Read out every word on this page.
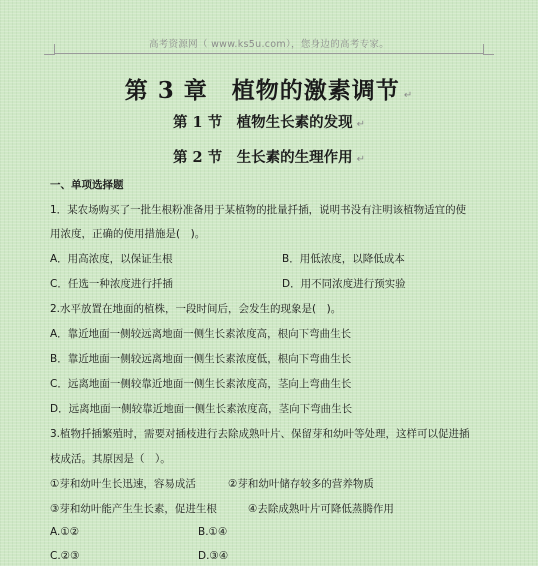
高考资源网（ www.ks5u.com），您身边的高考专家。
第 3 章　植物的激素调节 ↵
第 1 节　植物生长素的发现 ↵
第 2 节　生长素的生理作用 ↵
一、单项选择题
1．某农场购买了一批生根粉准备用于某植物的批量扦插，说明书没有注明该植物适宜的使
用浓度，正确的使用措施是(　)。
A．用高浓度，以保证生根	B．用低浓度，以降低成本
C．任选一种浓度进行扦插	D．用不同浓度进行预实验
2.水平放置在地面的植株，一段时间后，会发生的现象是(　)。
A．靠近地面一侧较远离地面一侧生长素浓度高，根向下弯曲生长
B．靠近地面一侧较远离地面一侧生长素浓度低，根向下弯曲生长
C．远离地面一侧较靠近地面一侧生长素浓度高，茎向上弯曲生长
D．远离地面一侧较靠近地面一侧生长素浓度高，茎向下弯曲生长
3.植物扦插繁殖时，需要对插枝进行去除成熟叶片、保留芽和幼叶等处理，这样可以促进插
枝成活。其原因是（　）。
①芽和幼叶生长迅速，容易成活	②芽和幼叶储存较多的营养物质
③芽和幼叶能产生生长素，促进生根	④去除成熟叶片可降低蒸腾作用
A.①②	B.①④
C.②③	D.③④
